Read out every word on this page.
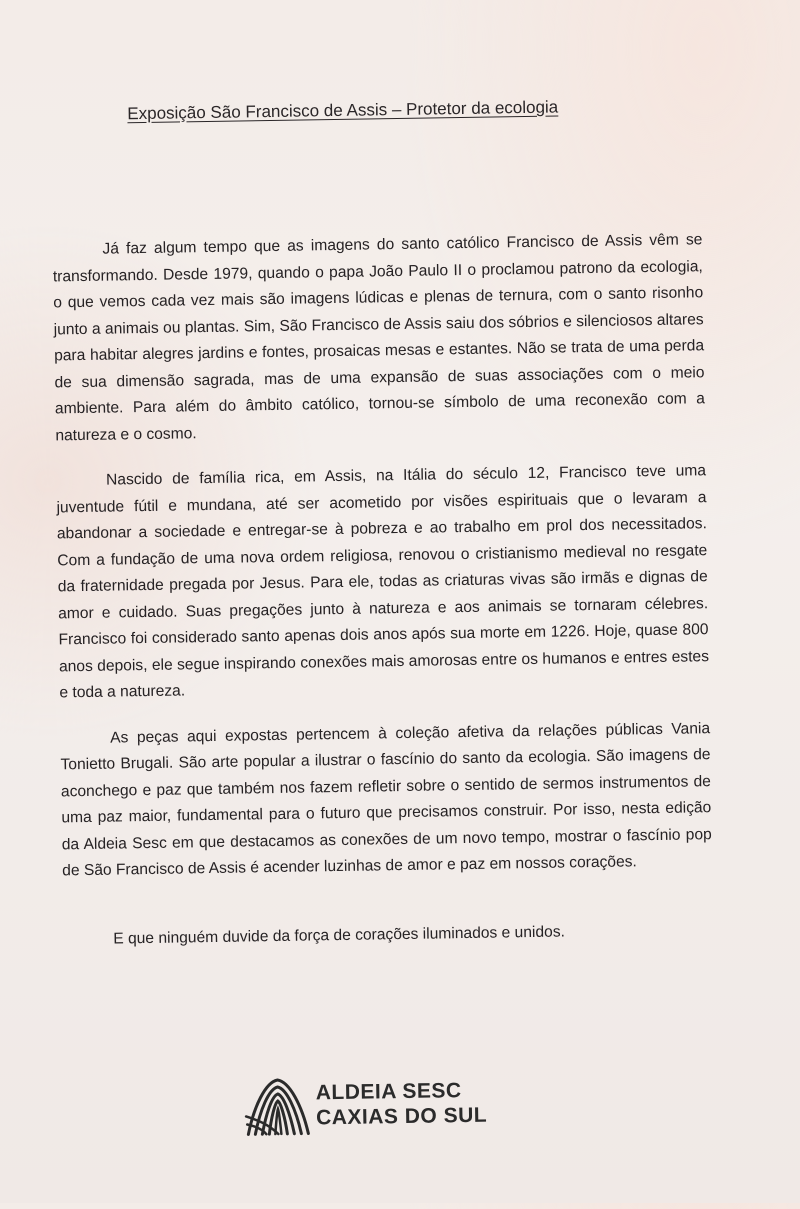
Exposição São Francisco de Assis – Protetor da ecologia

Já faz algum tempo que as imagens do santo católico Francisco de Assis vêm se transformando. Desde 1979, quando o papa João Paulo II o proclamou patrono da ecologia, o que vemos cada vez mais são imagens lúdicas e plenas de ternura, com o santo risonho junto a animais ou plantas. Sim, São Francisco de Assis saiu dos sóbrios e silenciosos altares para habitar alegres jardins e fontes, prosaicas mesas e estantes. Não se trata de uma perda de sua dimensão sagrada, mas de uma expansão de suas associações com o meio ambiente. Para além do âmbito católico, tornou-se símbolo de uma reconexão com a natureza e o cosmo.

Nascido de família rica, em Assis, na Itália do século 12, Francisco teve uma juventude fútil e mundana, até ser acometido por visões espirituais que o levaram a abandonar a sociedade e entregar-se à pobreza e ao trabalho em prol dos necessitados. Com a fundação de uma nova ordem religiosa, renovou o cristianismo medieval no resgate da fraternidade pregada por Jesus. Para ele, todas as criaturas vivas são irmãs e dignas de amor e cuidado. Suas pregações junto à natureza e aos animais se tornaram célebres. Francisco foi considerado santo apenas dois anos após sua morte em 1226. Hoje, quase 800 anos depois, ele segue inspirando conexões mais amorosas entre os humanos e entres estes e toda a natureza.

As peças aqui expostas pertencem à coleção afetiva da relações públicas Vania Tonietto Brugali. São arte popular a ilustrar o fascínio do santo da ecologia. São imagens de aconchego e paz que também nos fazem refletir sobre o sentido de sermos instrumentos de uma paz maior, fundamental para o futuro que precisamos construir. Por isso, nesta edição da Aldeia Sesc em que destacamos as conexões de um novo tempo, mostrar o fascínio pop de São Francisco de Assis é acender luzinhas de amor e paz em nossos corações.

E que ninguém duvide da força de corações iluminados e unidos.
ALDEIA SESC
CAXIAS DO SUL
